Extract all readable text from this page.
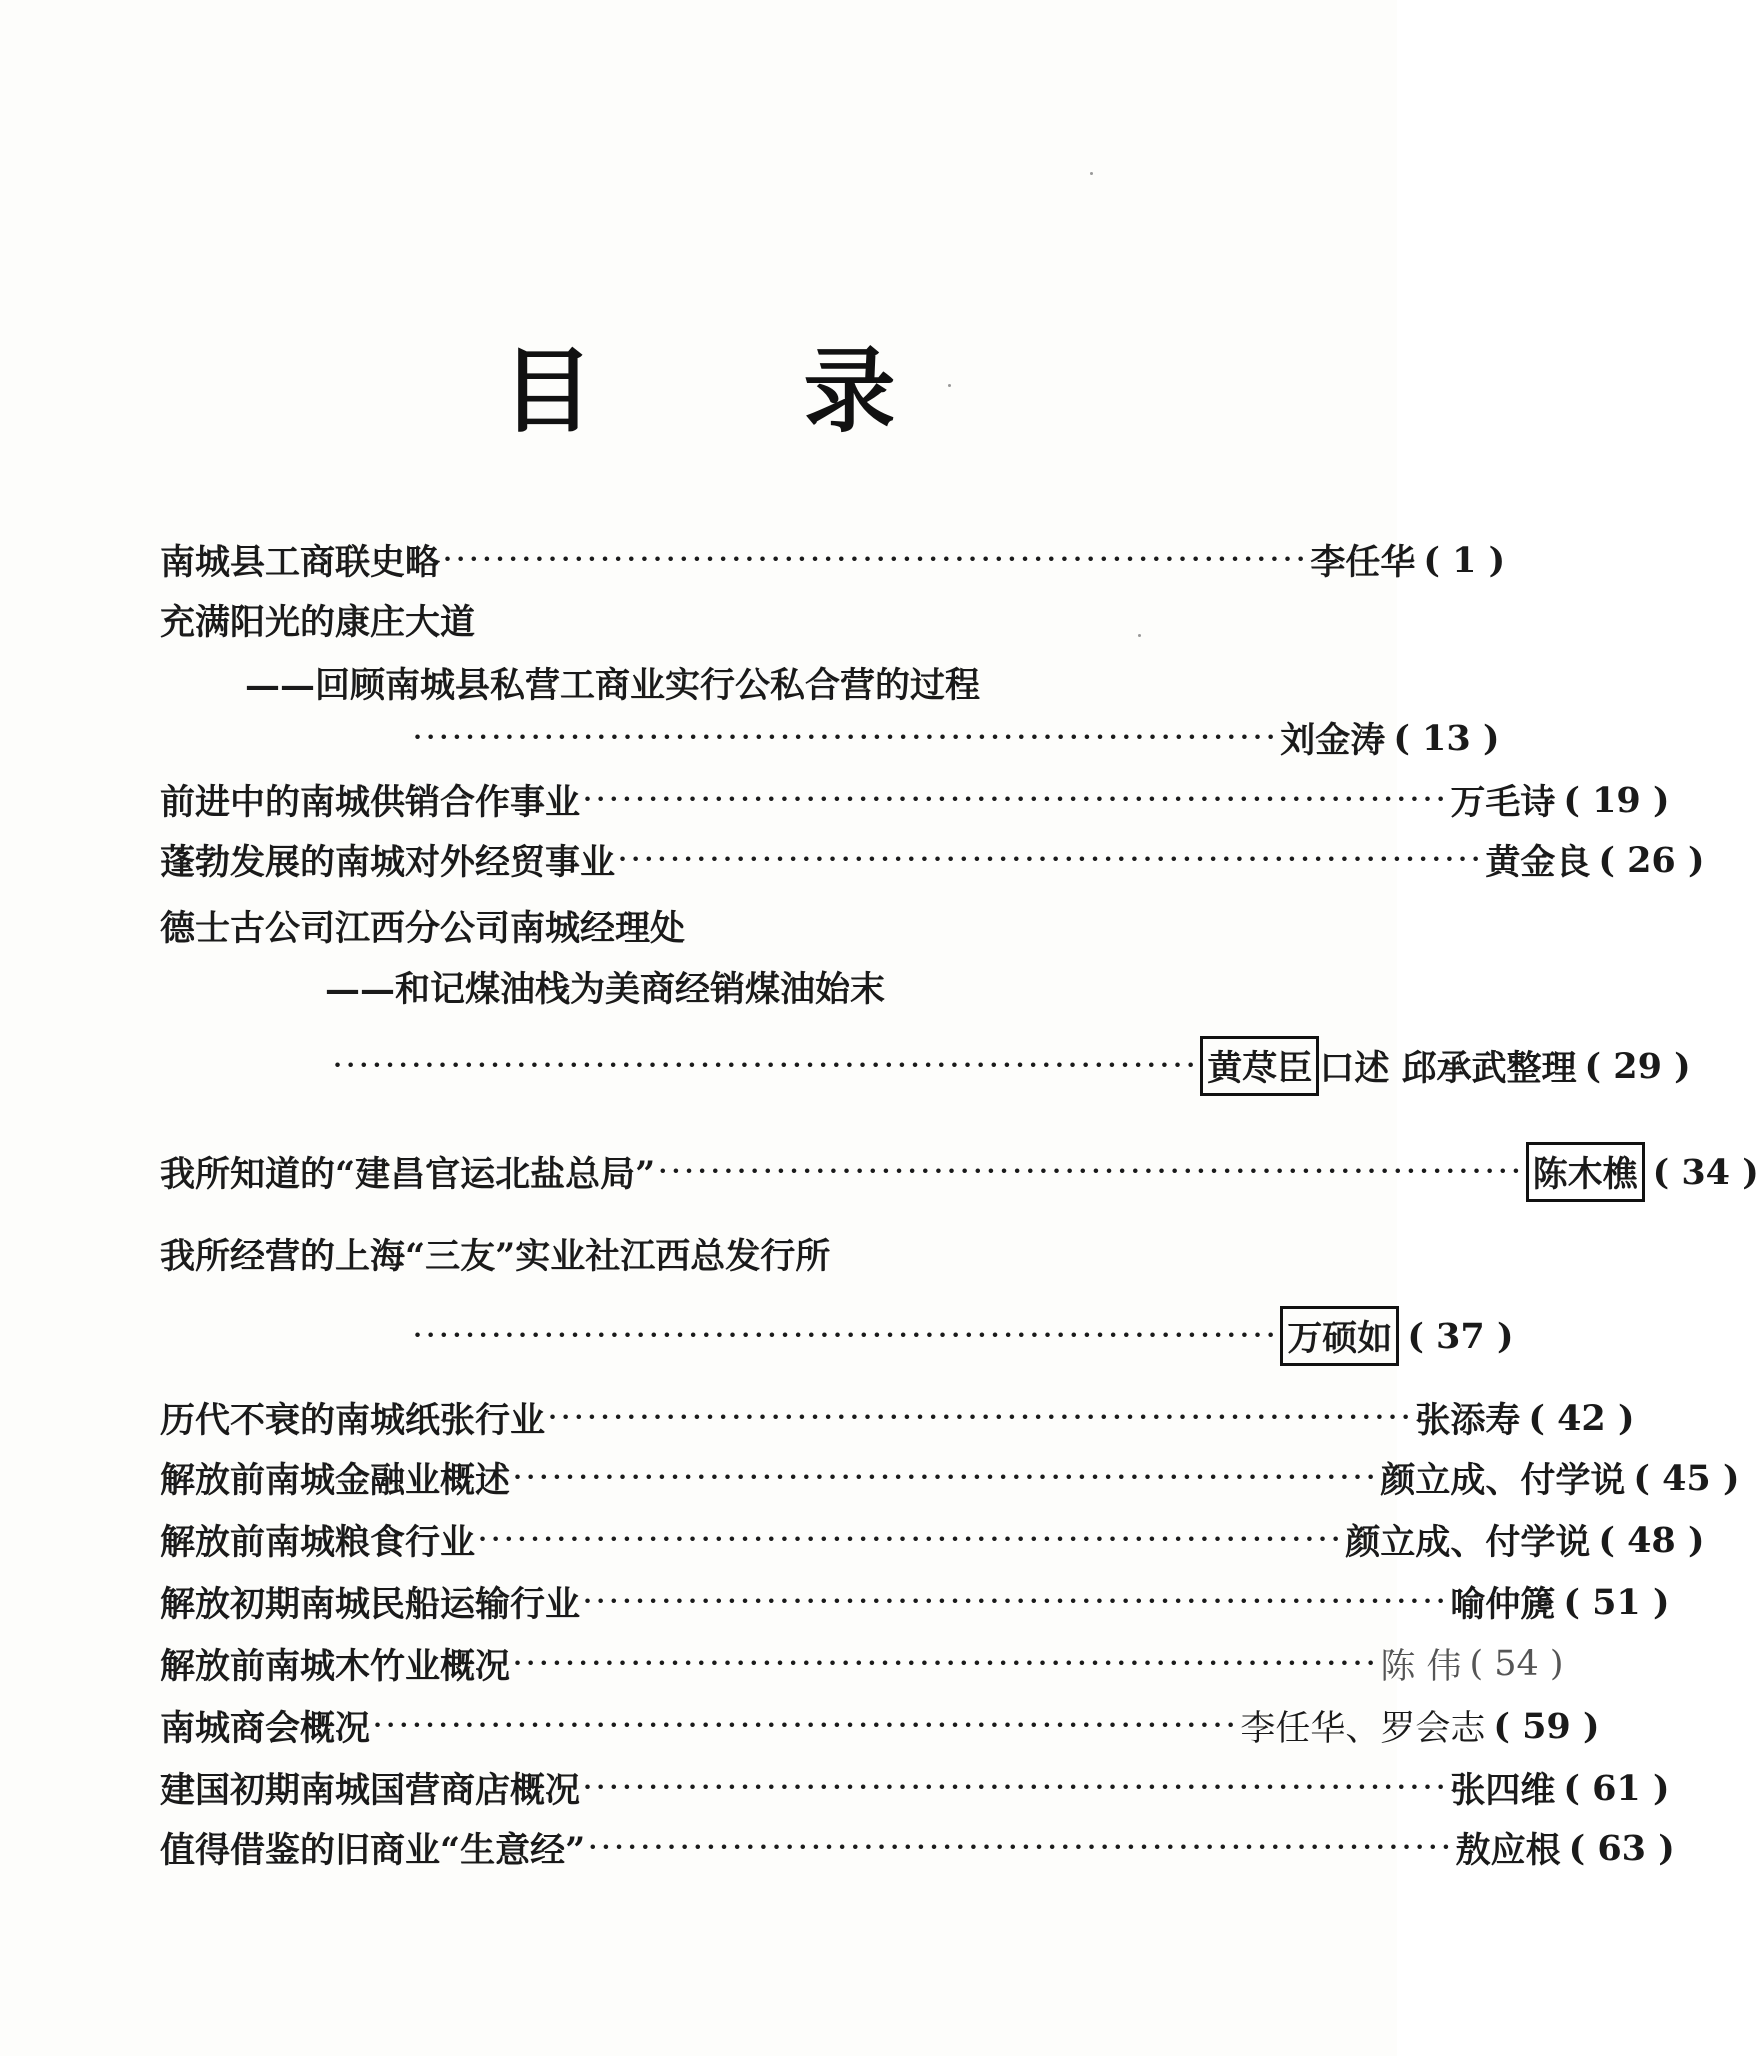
目 录
南城县工商联史略 ·································································· 李任华 ( 1 )
充满阳光的康庄大道
——回顾南城县私营工商业实行公私合营的过程
·································································· 刘金涛 ( 13 )
前进中的南城供销合作事业 ·································································· 万毛诗 ( 19 )
蓬勃发展的南城对外经贸事业 ·································································· 黄金良 ( 26 )
德士古公司江西分公司南城经理处
——和记煤油栈为美商经销煤油始末
·································································· 黄荩臣 口述 邱承武整理 ( 29 )
我所知道的“建昌官运北盐总局” ·································································· 陈木樵 ( 34 )
我所经营的上海“三友”实业社江西总发行所
·································································· 万硕如 ( 37 )
历代不衰的南城纸张行业 ·································································· 张添寿 ( 42 )
解放前南城金融业概述 ·································································· 颜立成、付学说 ( 45 )
解放前南城粮食行业 ·································································· 颜立成、付学说 ( 48 )
解放初期南城民船运输行业 ·································································· 喻仲篪 ( 51 )
解放前南城木竹业概况 ·································································· 陈 伟 ( 54 )
南城商会概况 ·································································· 李任华、罗会志 ( 59 )
建国初期南城国营商店概况 ·································································· 张四维 ( 61 )
值得借鉴的旧商业“生意经” ·································································· 敖应根 ( 63 )
